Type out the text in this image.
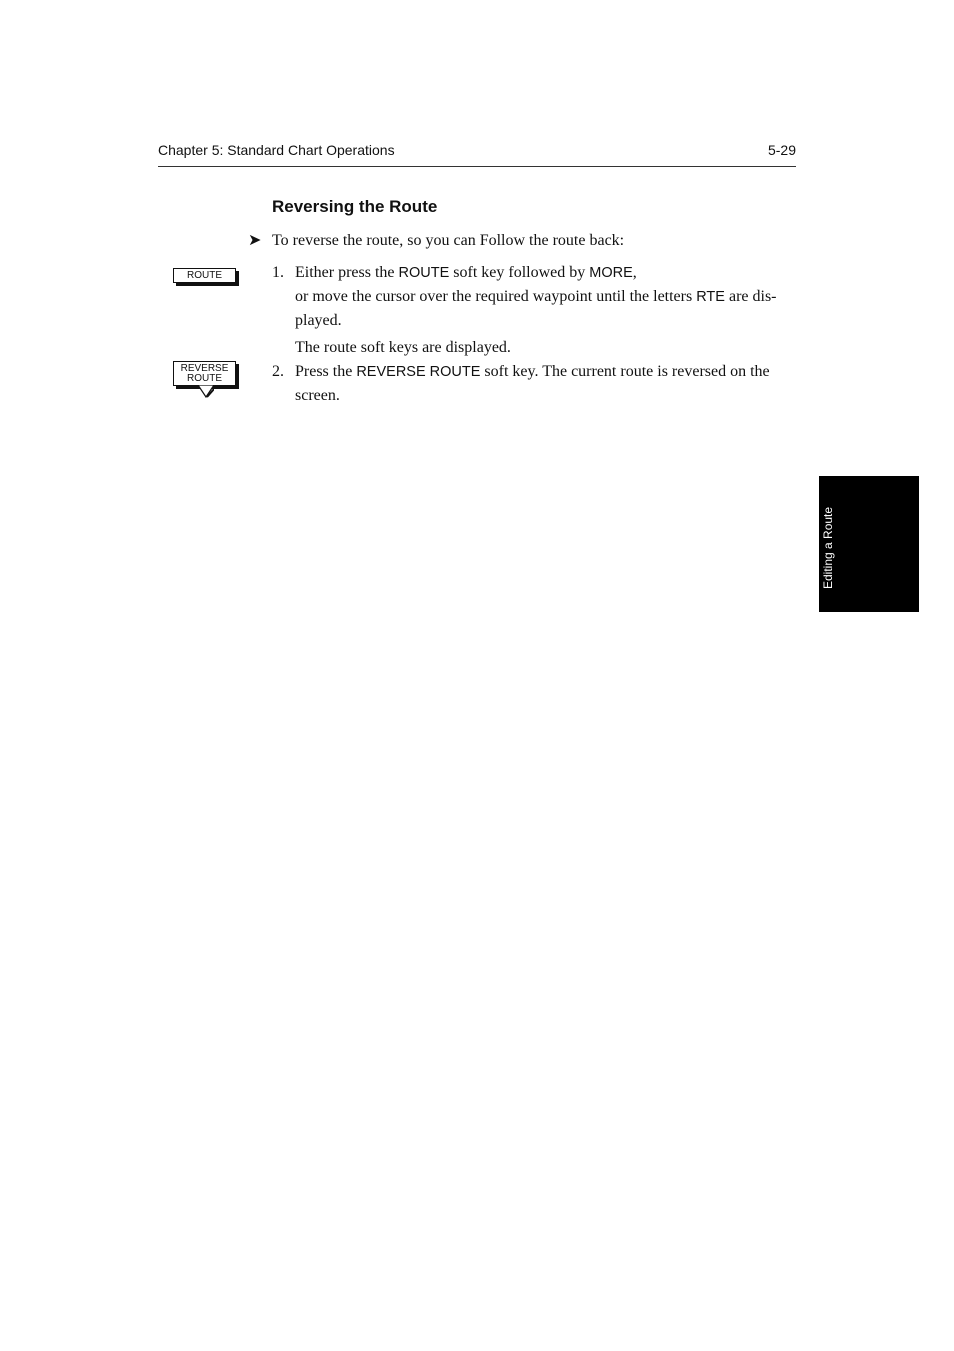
Chapter 5: Standard Chart Operations	5-29
Reversing the Route
➤ To reverse the route, so you can Follow the route back:
ROUTE	1. Either press the ROUTE soft key followed by MORE,

or move the cursor over the required waypoint until the letters RTE are dis-played.

The route soft keys are displayed.

REVERSE
ROUTE	2. Press the REVERSE ROUTE soft key. The current route is reversed on the screen.

Editing a Route
